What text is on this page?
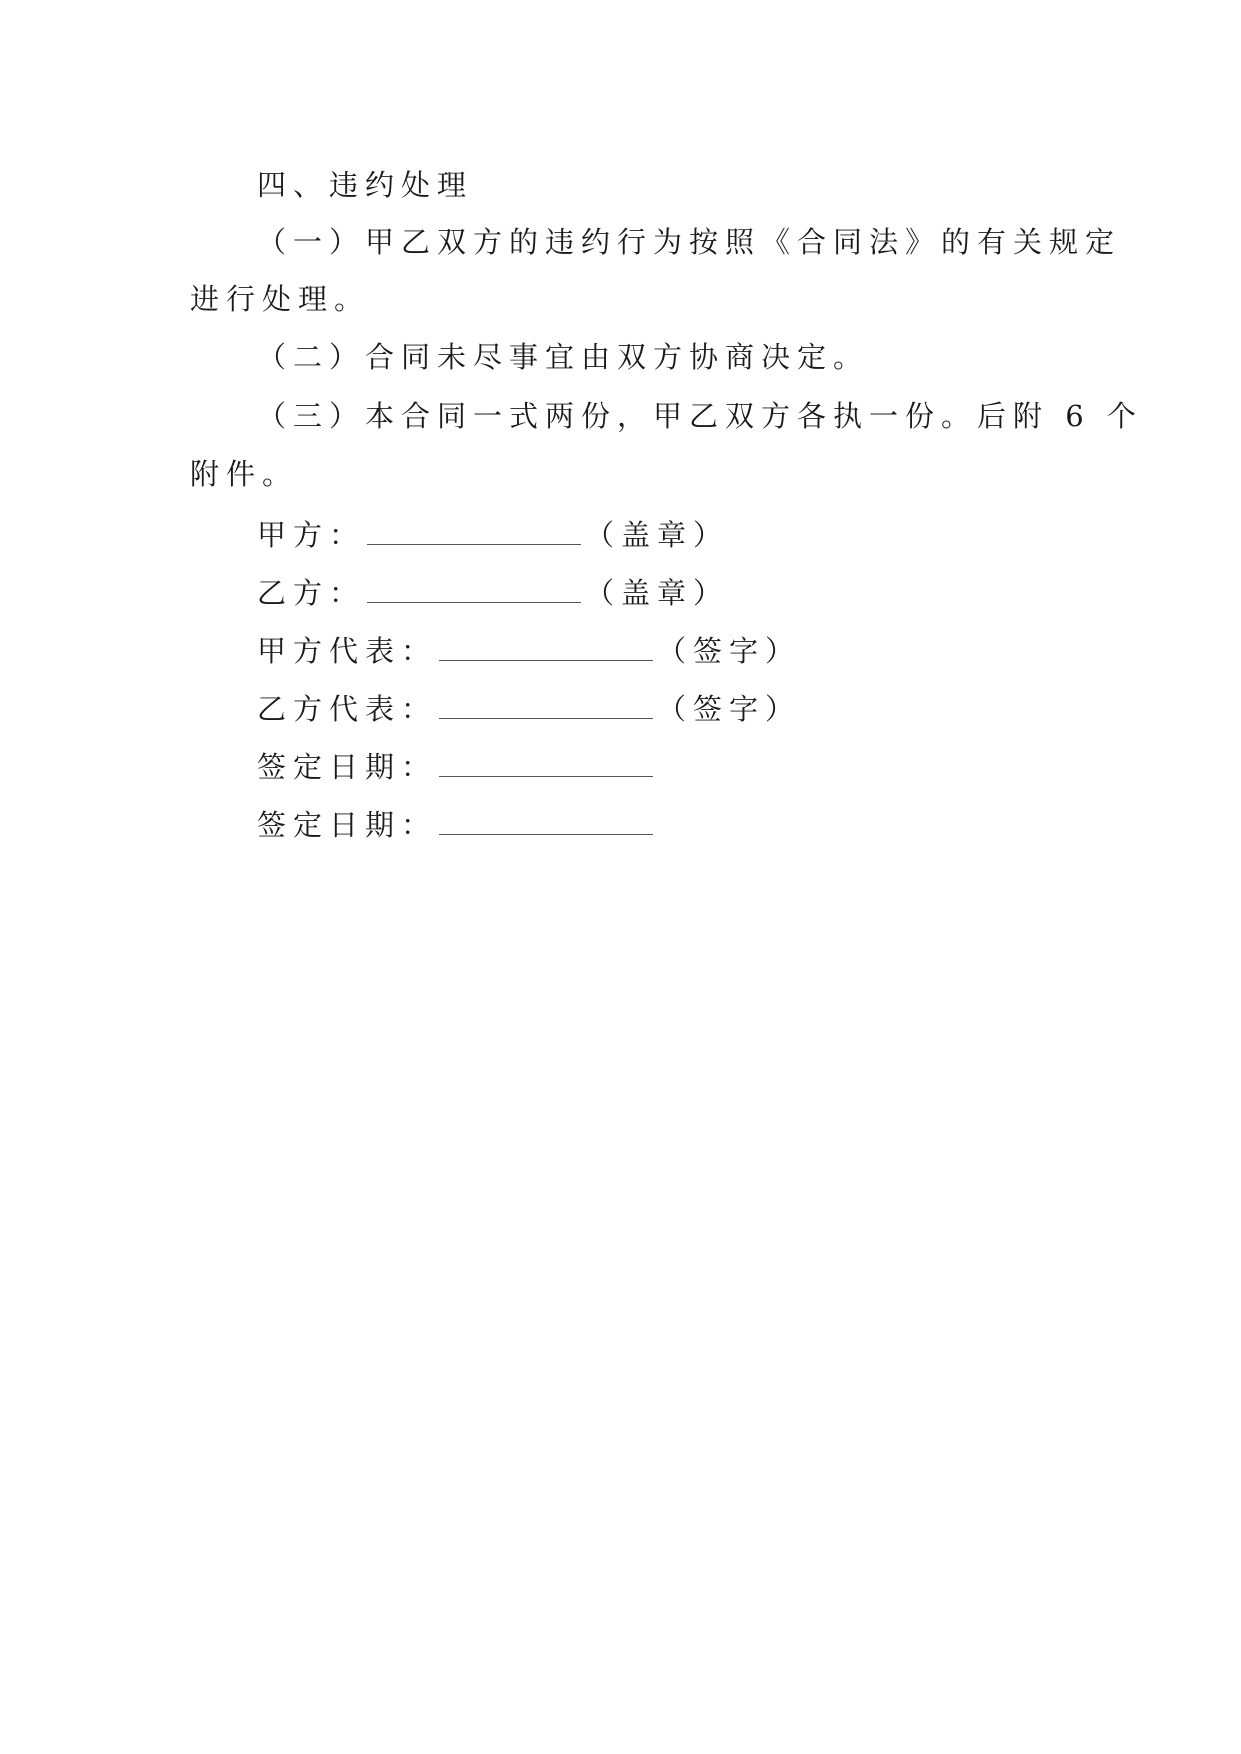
四、违约处理
（一）甲乙双方的违约行为按照《合同法》的有关规定
进行处理。
（二）合同未尽事宜由双方协商决定。
（三）本合同一式两份，甲乙双方各执一份。后附 6 个
附件。
甲方：	（盖章）
乙方：	（盖章）
甲方代表：	（签字）
乙方代表：	（签字）
签定日期：
签定日期：
